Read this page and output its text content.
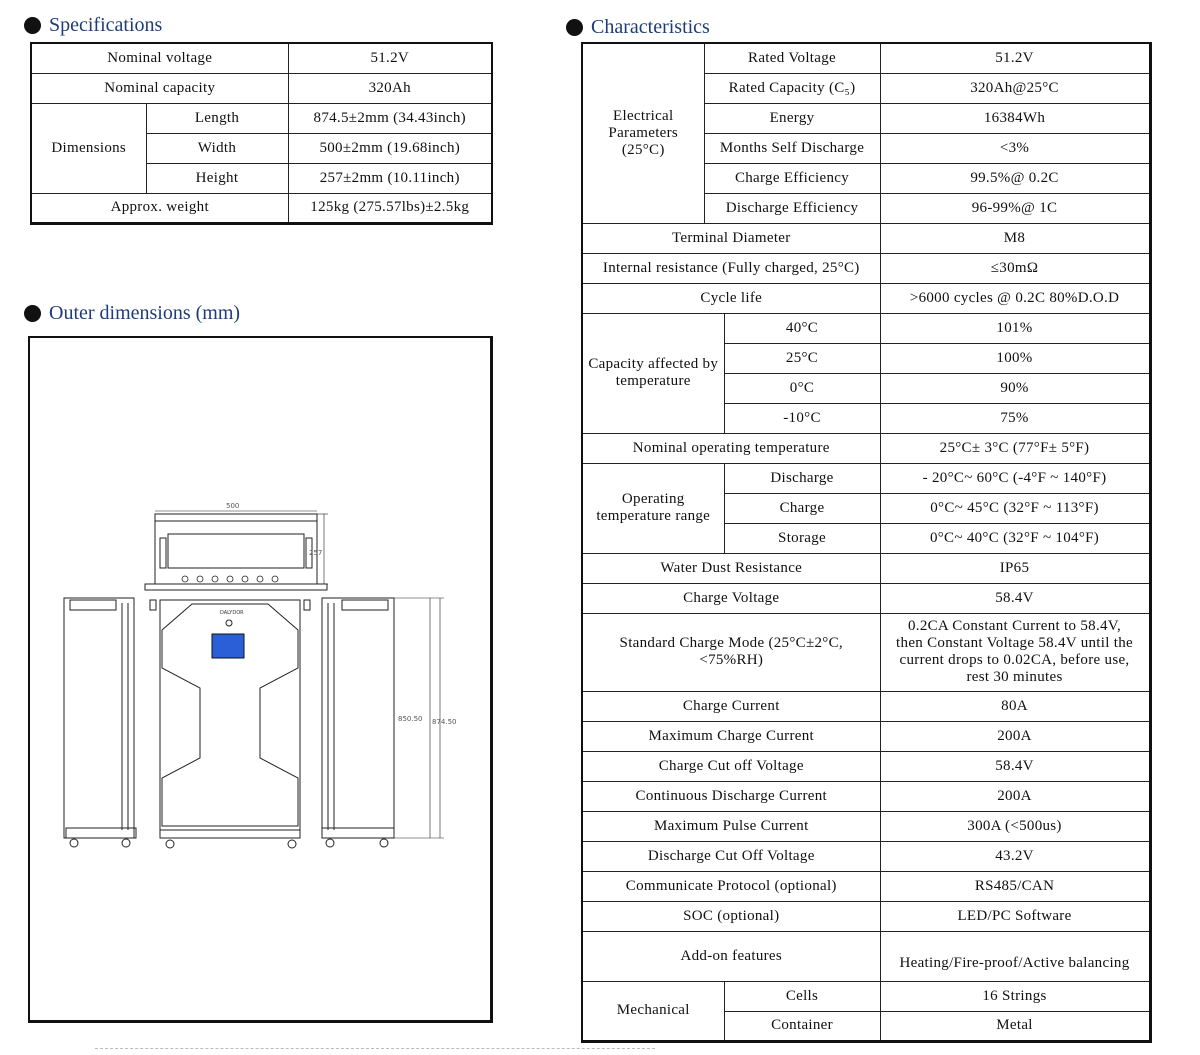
Specifications
Nominal voltage		51.2V
Nominal capacity		320Ah
Dimensions	Length	874.5±2mm (34.43inch)
	Width	500±2mm (19.68inch)
	Height	257±2mm (10.11inch)
Approx. weight		125kg (275.57lbs)±2.5kg
Outer dimensions (mm)
500
257
DALYDOR
850.50 874.50
Characteristics
Electrical Parameters (25°C)	Rated Voltage		51.2V
	Rated Capacity (C₅)		320Ah@25°C
	Energy		16384Wh
	Months Self Discharge		<3%
	Charge Efficiency		99.5%@ 0.2C
	Discharge Efficiency		96-99%@ 1C
Terminal Diameter			M8
Internal resistance (Fully charged, 25°C)			≤30mΩ
Cycle life			>6000 cycles @ 0.2C 80%D.O.D
Capacity affected by temperature		40°C	101%
		25°C	100%
		0°C	90%
		-10°C	75%
Nominal operating temperature			25°C± 3°C (77°F± 5°F)
Operating temperature range		Discharge	- 20°C~ 60°C (-4°F ~ 140°F)
		Charge	0°C~ 45°C (32°F ~ 113°F)
		Storage	0°C~ 40°C (32°F ~ 104°F)
Water Dust Resistance			IP65
Charge Voltage			58.4V
Standard Charge Mode (25°C±2°C, <75%RH)			0.2CA Constant Current to 58.4V, then Constant Voltage 58.4V until the current drops to 0.02CA, before use, rest 30 minutes
Charge Current			80A
Maximum Charge Current			200A
Charge Cut off Voltage			58.4V
Continuous Discharge Current			200A
Maximum Pulse Current			300A (<500us)
Discharge Cut Off Voltage			43.2V
Communicate Protocol (optional)			RS485/CAN
SOC (optional)			LED/PC Software
Add-on features			Heating/Fire-proof/Active balancing
Mechanical		Cells	16 Strings
		Container	Metal
